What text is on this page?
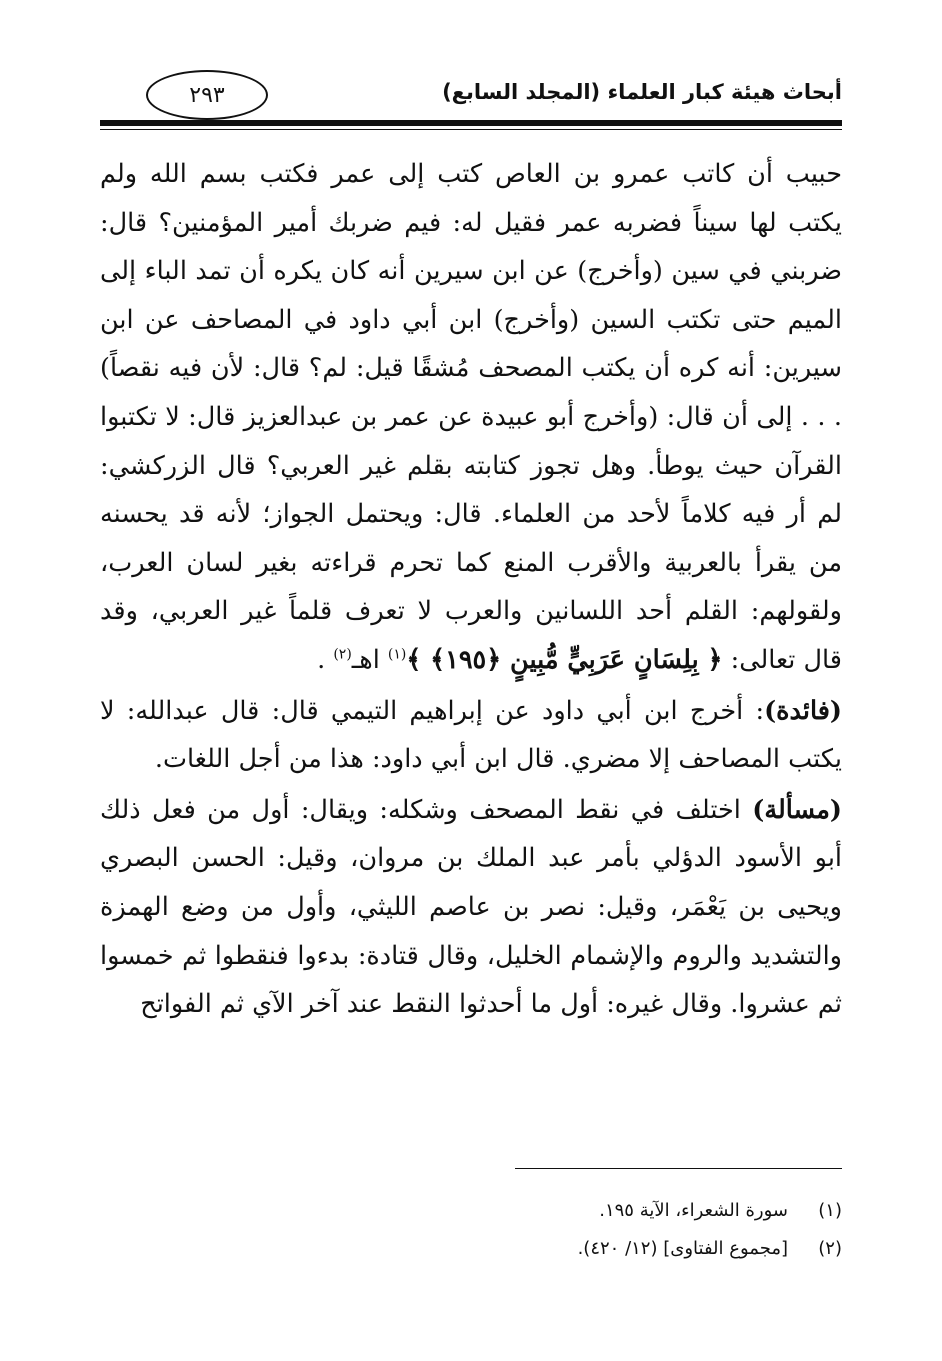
أبحاث هيئة كبار العلماء (المجلد السابع)
٢٩٣

حبيب أن كاتب عمرو بن العاص كتب إلى عمر فكتب بسم الله ولم يكتب لها سيناً فضربه عمر فقيل له: فيم ضربك أمير المؤمنين؟ قال: ضربني في سين (وأخرج) عن ابن سيرين أنه كان يكره أن تمد الباء إلى الميم حتى تكتب السين (وأخرج) ابن أبي داود في المصاحف عن ابن سيرين: أنه كره أن يكتب المصحف مُشقًا قيل: لم؟ قال: لأن فيه نقصاً) . . . إلى أن قال: (وأخرج أبو عبيدة عن عمر بن عبدالعزيز قال: لا تكتبوا القرآن حيث يوطأ. وهل تجوز كتابته بقلم غير العربي؟ قال الزركشي: لم أر فيه كلاماً لأحد من العلماء. قال: ويحتمل الجواز؛ لأنه قد يحسنه من يقرأ بالعربية والأقرب المنع كما تحرم قراءته بغير لسان العرب، ولقولهم: القلم أحد اللسانين والعرب لا تعرف قلماً غير العربي، وقد قال تعالى: ﴿ بِلِسَانٍ عَرَبِيٍّ مُّبِينٍ ﴿١٩٥﴾ ﴾$^{(١)}$ اهـ$^{(٢)}$ .

(فائدة): أخرج ابن أبي داود عن إبراهيم التيمي قال: قال عبدالله: لا يكتب المصاحف إلا مضري. قال ابن أبي داود: هذا من أجل اللغات.

(مسألة) اختلف في نقط المصحف وشكله: ويقال: أول من فعل ذلك أبو الأسود الدؤلي بأمر عبد الملك بن مروان، وقيل: الحسن البصري ويحيى بن يَعْمَر، وقيل: نصر بن عاصم الليثي، وأول من وضع الهمزة والتشديد والروم والإشمام الخليل، وقال قتادة: بدءوا فنقطوا ثم خمسوا ثم عشروا. وقال غيره: أول ما أحدثوا النقط عند آخر الآي ثم الفواتح

(١)
سورة الشعراء، الآية ١٩٥.
(٢)
[مجموع الفتاوى] (١٢/ ٤٢٠).
